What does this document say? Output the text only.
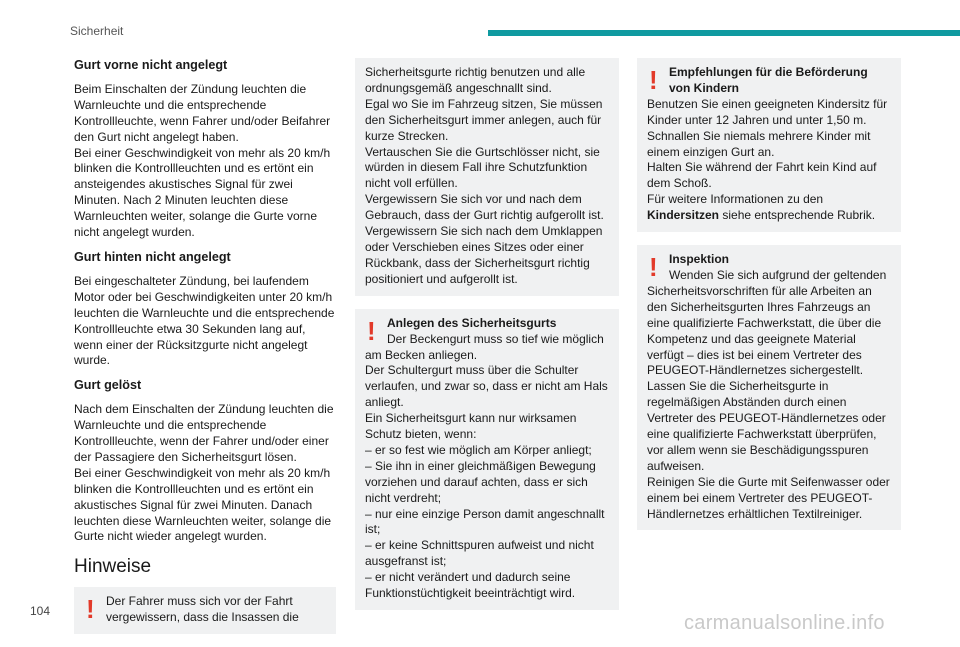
Sicherheit
Gurt vorne nicht angelegt
Beim Einschalten der Zündung leuchten die Warnleuchte und die entsprechende Kontrollleuchte, wenn Fahrer und/oder Beifahrer den Gurt nicht angelegt haben.
Bei einer Geschwindigkeit von mehr als 20 km/h blinken die Kontrollleuchten und es ertönt ein ansteigendes akustisches Signal für zwei Minuten. Nach 2 Minuten leuchten diese Warnleuchten weiter, solange die Gurte vorne nicht angelegt wurden.
Gurt hinten nicht angelegt
Bei eingeschalteter Zündung, bei laufendem Motor oder bei Geschwindigkeiten unter 20 km/h leuchten die Warnleuchte und die entsprechende Kontrollleuchte etwa 30 Sekunden lang auf, wenn einer der Rücksitzgurte nicht angelegt wurde.
Gurt gelöst
Nach dem Einschalten der Zündung leuchten die Warnleuchte und die entsprechende Kontrollleuchte, wenn der Fahrer und/oder einer der Passagiere den Sicherheitsgurt lösen.
Bei einer Geschwindigkeit von mehr als 20 km/h blinken die Kontrollleuchten und es ertönt ein akustisches Signal für zwei Minuten. Danach leuchten diese Warnleuchten weiter, solange die Gurte nicht wieder angelegt wurden.
Hinweise
! Der Fahrer muss sich vor der Fahrt
vergewissern, dass die Insassen die
Sicherheitsgurte richtig benutzen und alle ordnungsgemäß angeschnallt sind.
Egal wo Sie im Fahrzeug sitzen, Sie müssen den Sicherheitsgurt immer anlegen, auch für kurze Strecken.
Vertauschen Sie die Gurtschlösser nicht, sie würden in diesem Fall ihre Schutzfunktion nicht voll erfüllen.
Vergewissern Sie sich vor und nach dem Gebrauch, dass der Gurt richtig aufgerollt ist.
Vergewissern Sie sich nach dem Umklappen oder Verschieben eines Sitzes oder einer Rückbank, dass der Sicherheitsgurt richtig positioniert und aufgerollt ist.
! Anlegen des Sicherheitsgurts
Der Beckengurt muss so tief wie möglich
am Becken anliegen.
Der Schultergurt muss über die Schulter verlaufen, und zwar so, dass er nicht am Hals anliegt.
Ein Sicherheitsgurt kann nur wirksamen Schutz bieten, wenn:
– er so fest wie möglich am Körper anliegt;
– Sie ihn in einer gleichmäßigen Bewegung vorziehen und darauf achten, dass er sich nicht verdreht;
– nur eine einzige Person damit angeschnallt ist;
– er keine Schnittspuren aufweist und nicht ausgefranst ist;
– er nicht verändert und dadurch seine Funktionstüchtigkeit beeinträchtigt wird.
! Empfehlungen für die Beförderung von Kindern
Benutzen Sie einen geeigneten Kindersitz für Kinder unter 12 Jahren und unter 1,50 m.
Schnallen Sie niemals mehrere Kinder mit einem einzigen Gurt an.
Halten Sie während der Fahrt kein Kind auf dem Schoß.
Für weitere Informationen zu den Kindersitzen siehe entsprechende Rubrik.
! Inspektion
Wenden Sie sich aufgrund der geltenden
Sicherheitsvorschriften für alle Arbeiten an den Sicherheitsgurten Ihres Fahrzeugs an eine qualifizierte Fachwerkstatt, die über die Kompetenz und das geeignete Material verfügt – dies ist bei einem Vertreter des PEUGEOT-Händlernetzes sichergestellt.
Lassen Sie die Sicherheitsgurte in regelmäßigen Abständen durch einen Vertreter des PEUGEOT-Händlernetzes oder eine qualifizierte Fachwerkstatt überprüfen, vor allem wenn sie Beschädigungsspuren aufweisen.
Reinigen Sie die Gurte mit Seifenwasser oder einem bei einem Vertreter des PEUGEOT-Händlernetzes erhältlichen Textilreiniger.
104
carmanualsonline.info
